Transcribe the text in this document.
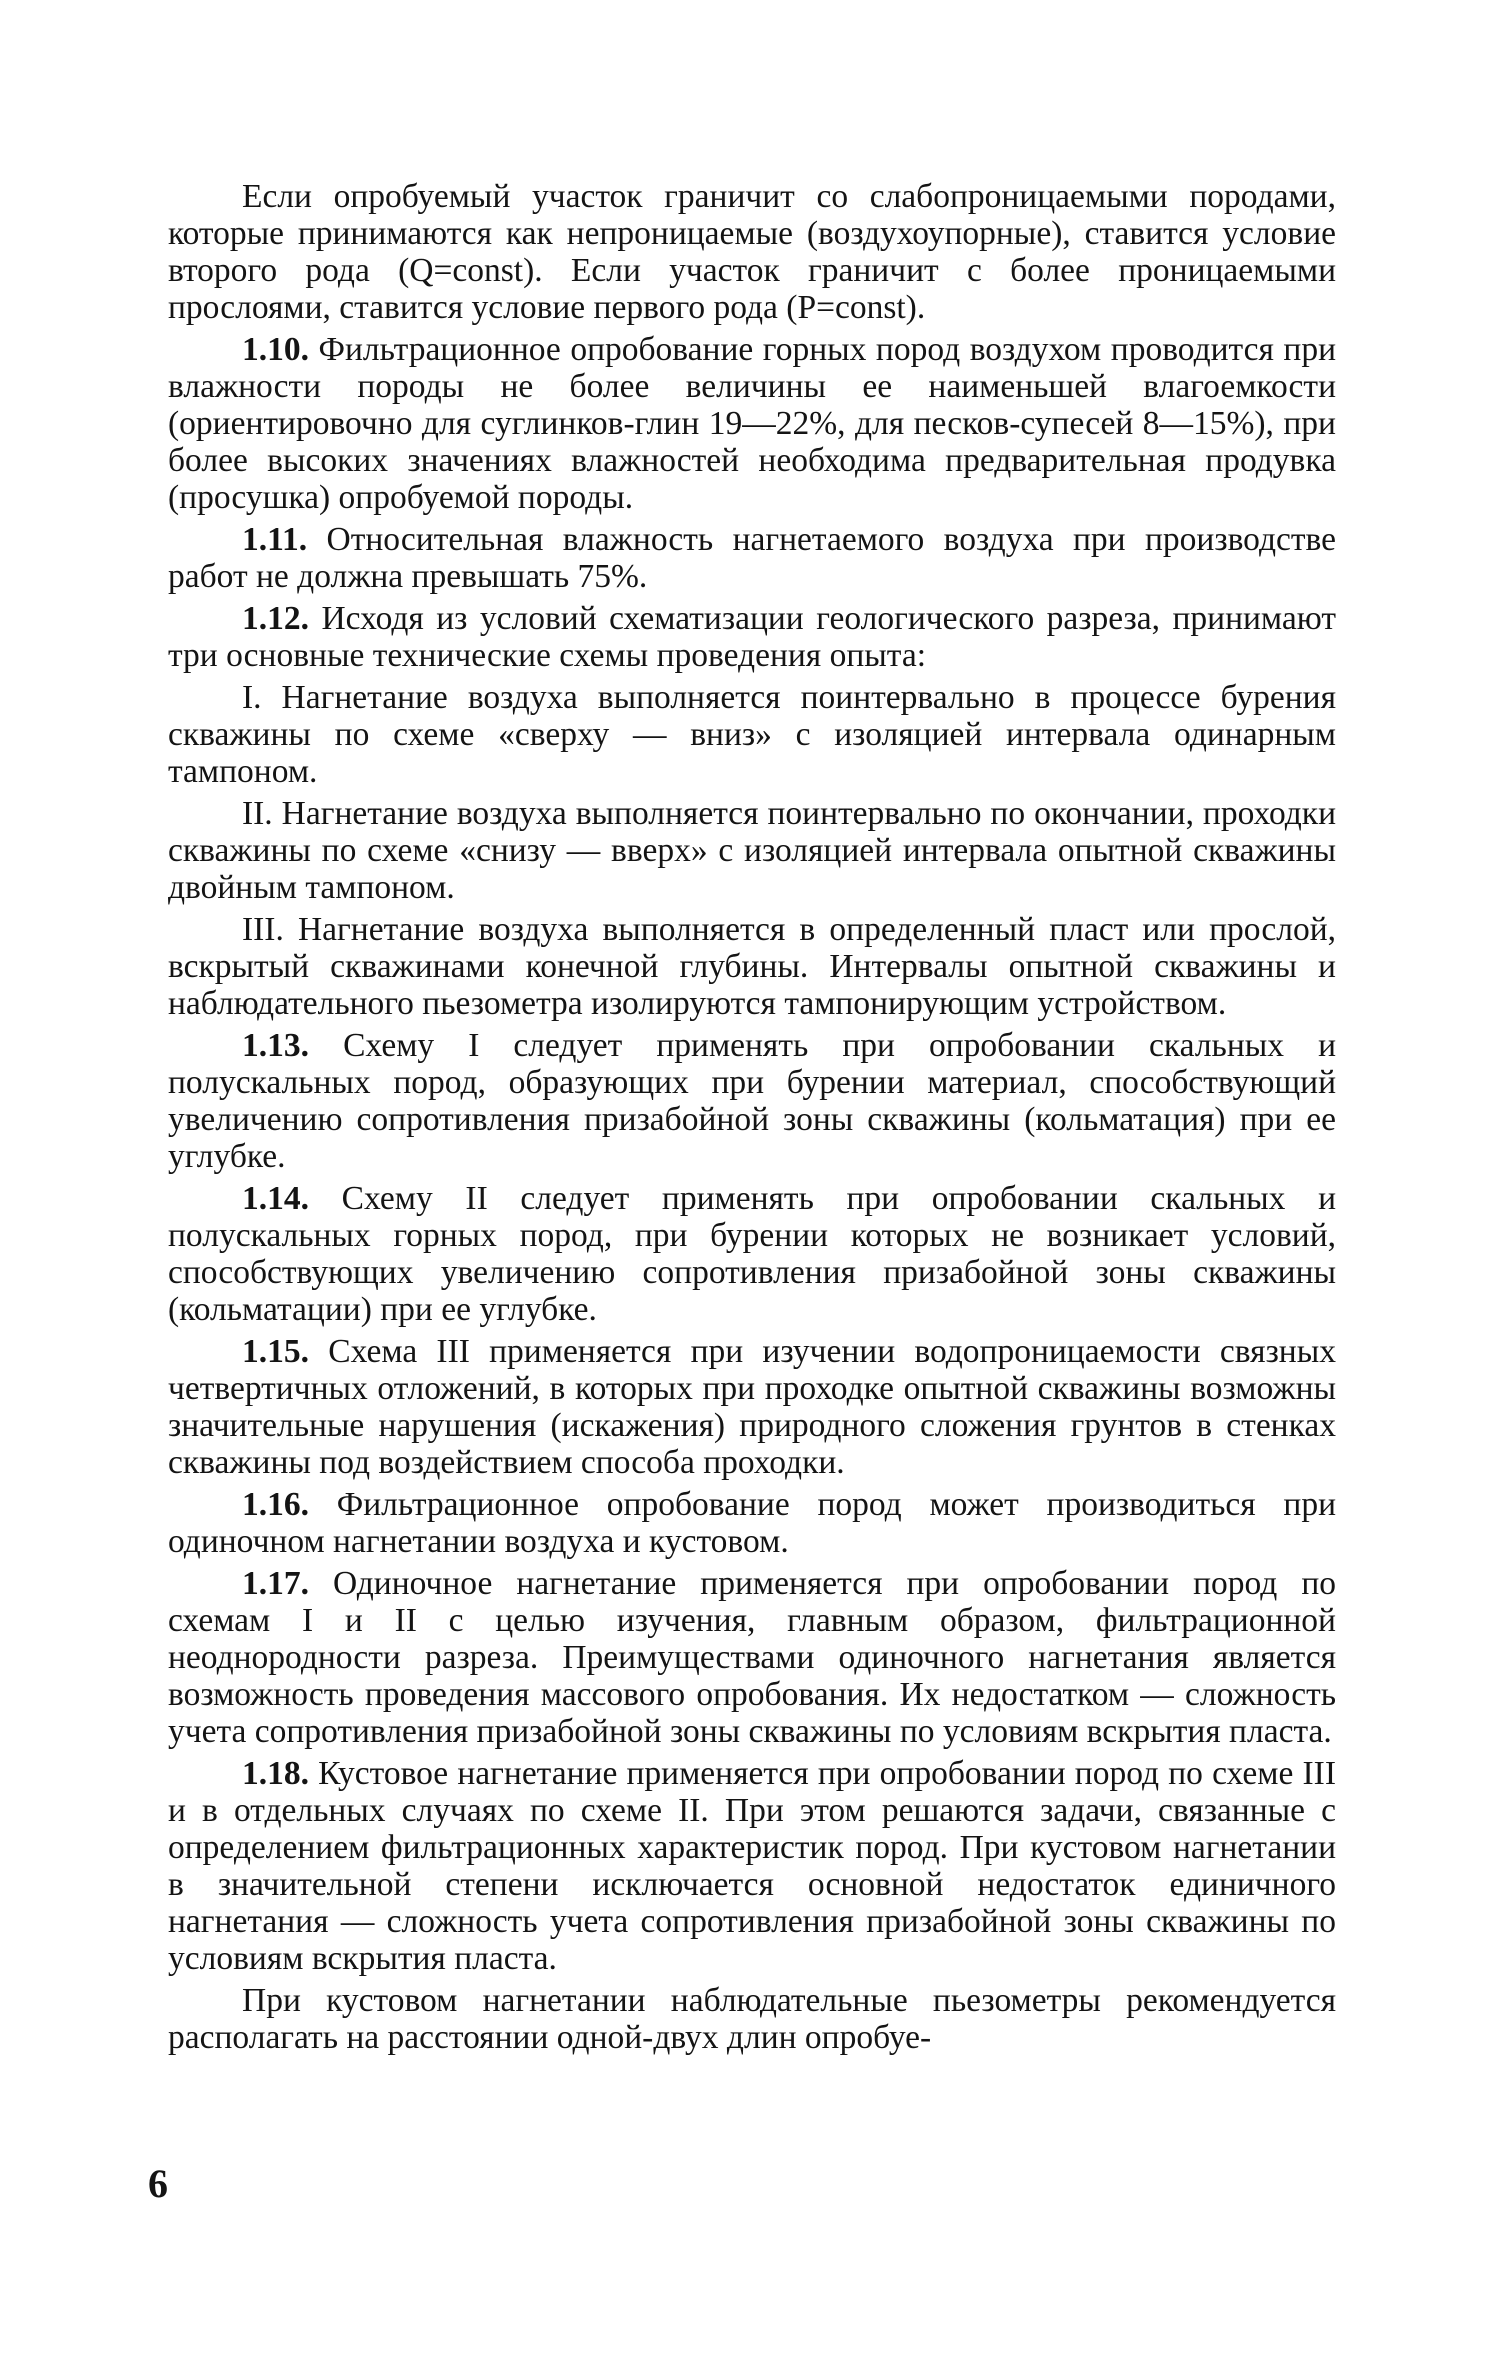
Если опробуемый участок граничит со слабопроницаемыми породами, которые принимаются как непроницаемые (воздухоупорные), ставится условие второго рода (Q=const). Если участок граничит с более проницаемыми прослоями, ставится условие первого рода (P=const).

1.10. Фильтрационное опробование горных пород воздухом проводится при влажности породы не более величины ее наименьшей влагоемкости (ориентировочно для суглинков-глин 19—22%, для песков-супесей 8—15%), при более высоких значениях влажностей необходима предварительная продувка (просушка) опробуемой породы.

1.11. Относительная влажность нагнетаемого воздуха при производстве работ не должна превышать 75%.

1.12. Исходя из условий схематизации геологического разреза, принимают три основные технические схемы проведения опыта:

I. Нагнетание воздуха выполняется поинтервально в процессе бурения скважины по схеме «сверху — вниз» с изоляцией интервала одинарным тампоном.

II. Нагнетание воздуха выполняется поинтервально по окончании, проходки скважины по схеме «снизу — вверх» с изоляцией интервала опытной скважины двойным тампоном.

III. Нагнетание воздуха выполняется в определенный пласт или прослой, вскрытый скважинами конечной глубины. Интервалы опытной скважины и наблюдательного пьезометра изолируются тампонирующим устройством.

1.13. Схему I следует применять при опробовании скальных и полускальных пород, образующих при бурении материал, способствующий увеличению сопротивления призабойной зоны скважины (кольматация) при ее углубке.

1.14. Схему II следует применять при опробовании скальных и полускальных горных пород, при бурении которых не возникает условий, способствующих увеличению сопротивления призабойной зоны скважины (кольматации) при ее углубке.

1.15. Схема III применяется при изучении водопроницаемости связных четвертичных отложений, в которых при проходке опытной скважины возможны значительные нарушения (искажения) природного сложения грунтов в стенках скважины под воздействием способа проходки.

1.16. Фильтрационное опробование пород может производиться при одиночном нагнетании воздуха и кустовом.

1.17. Одиночное нагнетание применяется при опробовании пород по схемам I и II с целью изучения, главным образом, фильтрационной неоднородности разреза. Преимуществами одиночного нагнетания является возможность проведения массового опробования. Их недостатком — сложность учета сопротивления призабойной зоны скважины по условиям вскрытия пласта.

1.18. Кустовое нагнетание применяется при опробовании пород по схеме III и в отдельных случаях по схеме II. При этом решаются задачи, связанные с определением фильтрационных характеристик пород. При кустовом нагнетании в значительной степени исключается основной недостаток единичного нагнетания — сложность учета сопротивления призабойной зоны скважины по условиям вскрытия пласта.

При кустовом нагнетании наблюдательные пьезометры рекомендуется располагать на расстоянии одной-двух длин опробуе-

6
